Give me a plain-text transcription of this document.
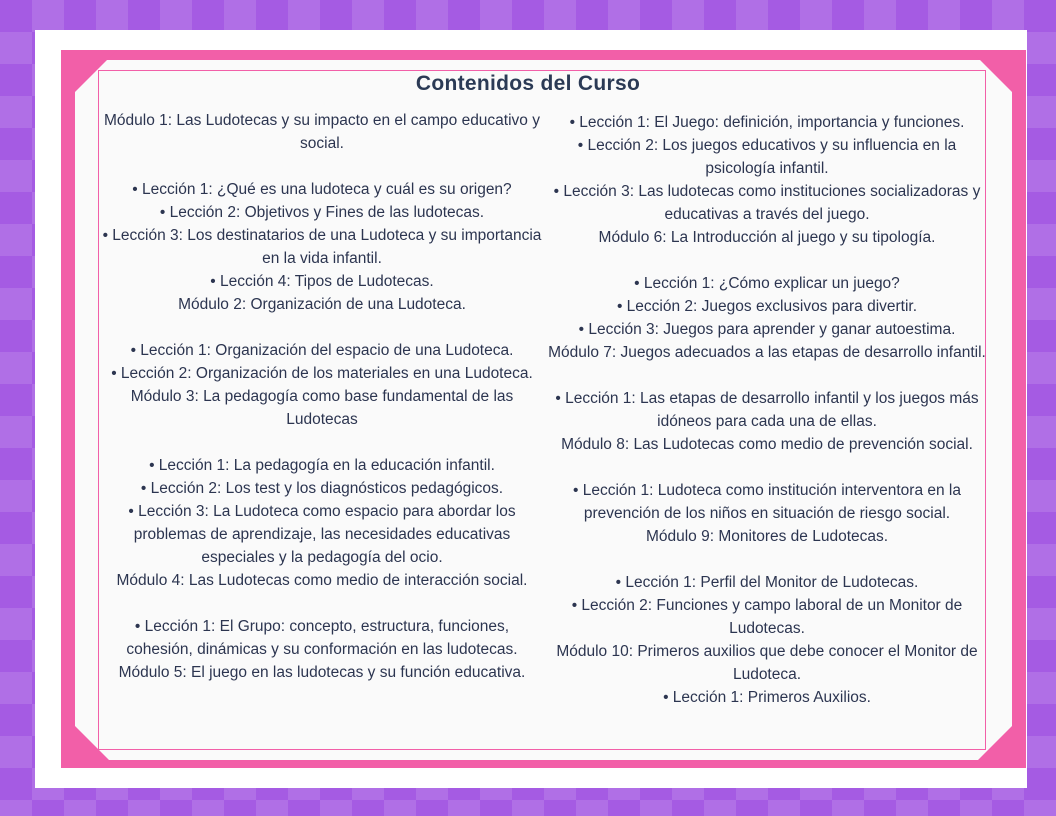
Contenidos del Curso
Módulo 1: Las Ludotecas y su impacto en el campo educativo y social.
• Lección 1: ¿Qué es una ludoteca y cuál es su origen?
• Lección 2: Objetivos y Fines de las ludotecas.
• Lección 3: Los destinatarios de una Ludoteca y su importancia en la vida infantil.
• Lección 4: Tipos de Ludotecas.
Módulo 2: Organización de una Ludoteca.
• Lección 1: Organización del espacio de una Ludoteca.
• Lección 2: Organización de los materiales en una Ludoteca.
Módulo 3: La pedagogía como base fundamental de las Ludotecas
• Lección 1: La pedagogía en la educación infantil.
• Lección 2: Los test y los diagnósticos pedagógicos.
• Lección 3: La Ludoteca como espacio para abordar los problemas de aprendizaje, las necesidades educativas especiales y la pedagogía del ocio.
Módulo 4: Las Ludotecas como medio de interacción social.
• Lección 1: El Grupo: concepto, estructura, funciones, cohesión, dinámicas y su conformación en las ludotecas.
Módulo 5: El juego en las ludotecas y su función educativa.
• Lección 1: El Juego: definición, importancia y funciones.
• Lección 2: Los juegos educativos y su influencia en la psicología infantil.
• Lección 3: Las ludotecas como instituciones socializadoras y educativas a través del juego.
Módulo 6: La Introducción al juego y su tipología.
• Lección 1: ¿Cómo explicar un juego?
• Lección 2: Juegos exclusivos para divertir.
• Lección 3: Juegos para aprender y ganar autoestima.
Módulo 7: Juegos adecuados a las etapas de desarrollo infantil.
• Lección 1: Las etapas de desarrollo infantil y los juegos más idóneos para cada una de ellas.
Módulo 8: Las Ludotecas como medio de prevención social.
• Lección 1: Ludoteca como institución interventora en la prevención de los niños en situación de riesgo social.
Módulo 9: Monitores de Ludotecas.
• Lección 1: Perfil del Monitor de Ludotecas.
• Lección 2: Funciones y campo laboral de un Monitor de Ludotecas.
Módulo 10: Primeros auxilios que debe conocer el Monitor de Ludoteca.
• Lección 1: Primeros Auxilios.
